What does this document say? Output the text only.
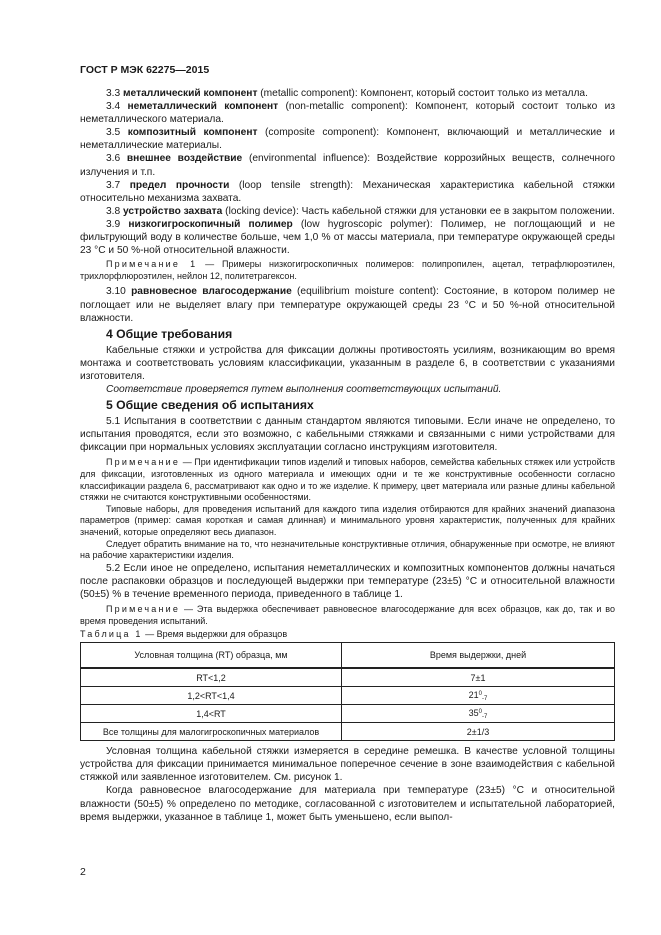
ГОСТ Р МЭК 62275—2015

3.3 металлический компонент (metallic component): Компонент, который состоит только из металла.

3.4 неметаллический компонент (non-metallic component): Компонент, который состоит только из неметаллического материала.

3.5 композитный компонент (composite component): Компонент, включающий и металлические и неметаллические материалы.

3.6 внешнее воздействие (environmental influence): Воздействие коррозийных веществ, солнечного излучения и т.п.

3.7 предел прочности (loop tensile strength): Механическая характеристика кабельной стяжки относительно механизма захвата.

3.8 устройство захвата (locking device): Часть кабельной стяжки для установки ее в закрытом положении.

3.9 низкогигроскопичный полимер (low hygroscopic polymer): Полимер, не поглощающий и не фильтрующий воду в количестве больше, чем 1,0 % от массы материала, при температуре окружающей среды 23 °С и 50 %-ной относительной влажности.

Примечание 1 — Примеры низкогигроскопичных полимеров: полипропилен, ацетал, тетрафлюроэтилен, трихлорфлюроэтилен, нейлон 12, политетрагексон.

3.10 равновесное влагосодержание (equilibrium moisture content): Состояние, в котором полимер не поглощает или не выделяет влагу при температуре окружающей среды 23 °С и 50 %-ной относительной влажности.

4 Общие требования

Кабельные стяжки и устройства для фиксации должны противостоять усилиям, возникающим во время монтажа и соответствовать условиям классификации, указанным в разделе 6, в соответствии с указаниями изготовителя.

Соответствие проверяется путем выполнения соответствующих испытаний.

5 Общие сведения об испытаниях

5.1 Испытания в соответствии с данным стандартом являются типовыми. Если иначе не определено, то испытания проводятся, если это возможно, с кабельными стяжками и связанными с ними устройствами для фиксации при нормальных условиях эксплуатации согласно инструкциям изготовителя.

Примечание — При идентификации типов изделий и типовых наборов, семейства кабельных стяжек или устройств для фиксации, изготовленных из одного материала и имеющих одни и те же конструктивные особенности согласно классификации раздела 6, рассматривают как одно и то же изделие. К примеру, цвет материала или разные длины кабельной стяжки не считаются конструктивными особенностями.

Типовые наборы, для проведения испытаний для каждого типа изделия отбираются для крайних значений диапазона параметров (пример: самая короткая и самая длинная) и минимального уровня характеристик, полученных для крайних значений, которые определяют весь диапазон.

Следует обратить внимание на то, что незначительные конструктивные отличия, обнаруженные при осмотре, не влияют на рабочие характеристики изделия.

5.2 Если иное не определено, испытания неметаллических и композитных компонентов должны начаться после распаковки образцов и последующей выдержки при температуре (23±5) °С и относительной влажности (50±5) % в течение временного периода, приведенного в таблице 1.

Примечание — Эта выдержка обеспечивает равновесное влагосодержание для всех образцов, как до, так и во время проведения испытаний.

Таблица 1 — Время выдержки для образцов
Условная толщина (RT) образца, мм	Время выдержки, дней
RT<1,2	7±1
1,2<RT<1,4	$21^0_{-7}$
1,4<RT	$35^0_{-7}$
Все толщины для малогигроскопичных материалов	2±1/3

Условная толщина кабельной стяжки измеряется в середине ремешка. В качестве условной толщины устройства для фиксации принимается минимальное поперечное сечение в зоне взаимодействия с кабельной стяжкой или заявленное изготовителем. См. рисунок 1.

Когда равновесное влагосодержание для материала при температуре (23±5) °С и относительной влажности (50±5) % определено по методике, согласованной с изготовителем и испытательной лабораторией, время выдержки, указанное в таблице 1, может быть уменьшено, если выпол-

2
